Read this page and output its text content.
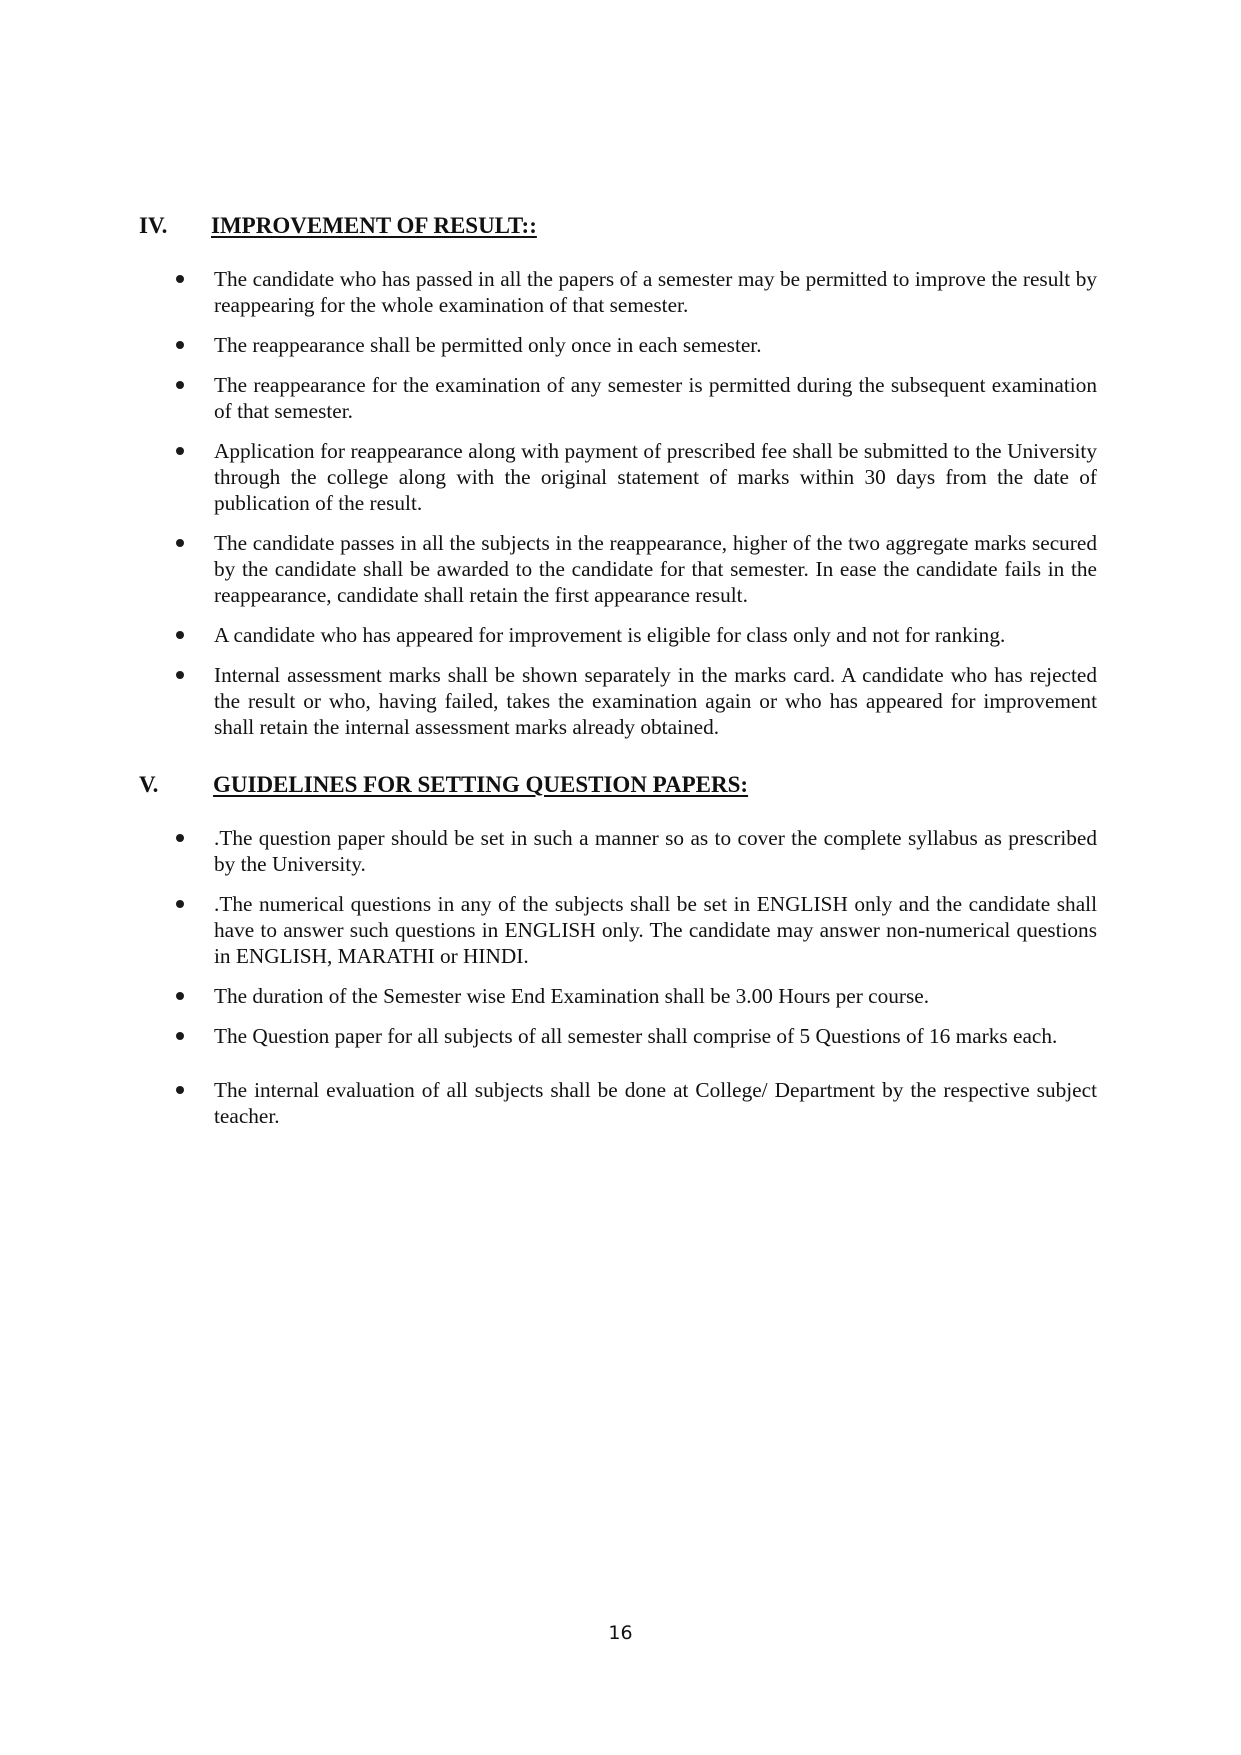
IV. IMPROVEMENT OF RESULT::
The candidate who has passed in all the papers of a semester may be permitted to improve the result by reappearing for the whole examination of that semester.
The reappearance shall be permitted only once in each semester.
The reappearance for the examination of any semester is permitted during the subsequent examination of that semester.
Application for reappearance along with payment of prescribed fee shall be submitted to the University through the college along with the original statement of marks within 30 days from the date of publication of the result.
The candidate passes in all the subjects in the reappearance, higher of the two aggregate marks secured by the candidate shall be awarded to the candidate for that semester. In ease the candidate fails in the reappearance, candidate shall retain the first appearance result.
A candidate who has appeared for improvement is eligible for class only and not for ranking.
Internal assessment marks shall be shown separately in the marks card. A candidate who has rejected the result or who, having failed, takes the examination again or who has appeared for improvement shall retain the internal assessment marks already obtained.
V. GUIDELINES FOR SETTING QUESTION PAPERS:
.The question paper should be set in such a manner so as to cover the complete syllabus as prescribed by the University.
.The numerical questions in any of the subjects shall be set in ENGLISH only and the candidate shall have to answer such questions in ENGLISH only. The candidate may answer non-numerical questions in ENGLISH, MARATHI or HINDI.
The duration of the Semester wise End Examination shall be 3.00 Hours per course.
The Question paper for all subjects of all semester shall comprise of 5 Questions of 16 marks each.
The internal evaluation of all subjects shall be done at College/ Department by the respective subject teacher.
16
